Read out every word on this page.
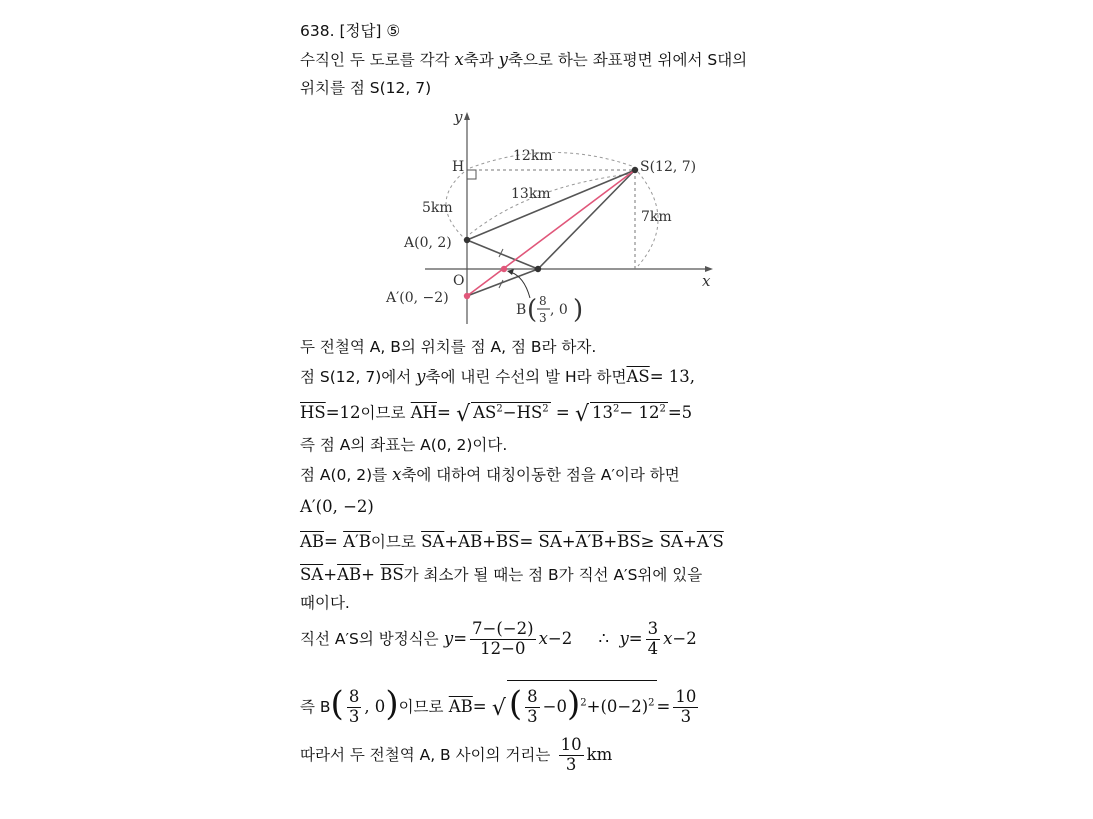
638. [정답] ⑤
수직인 두 도로를 각각 x축과 y축으로 하는 좌표평면 위에서 S대의
위치를 점 S(12, 7)
y
x
O
H	S(12, 7)
A(0, 2)
A′(0, −2)
12km
13km
5km
7km
B ( 8
3 , 0 )
두 전철역 A, B의 위치를 점 A, 점 B라 하자.
점 S(12, 7)에서 y축에 내린 수선의 발 H라 하면$\overline{AS}= 13$,
$\overline{HS}=12$이므로 $\overline{AH}=$ √ $AS^2-\overline{HS}^2$ = √ $13^2- 12^2 =5$
즉 점 A의 좌표는 A(0, 2)이다.
점 A(0, 2)를 x축에 대하여 대칭이동한 점을 A′이라 하면
A′(0, −2)
$\overline{AB}= A'B$이므로 $\overline{SA}+\overline{AB}+\overline{BS}= \overline{SA}+A'B+\overline{BS}\ge \overline{SA}+A'S$
$\overline{SA}+\overline{AB}+ \overline{BS}$가 최소가 될 때는 점 B가 직선 A′S위에 있을
때이다.
직선 A′S의 방정식은 $y= \frac{7-(-2)}{12-0} x-2$ ∴ $y= \frac{3}{4} x-2$
즉 $B( \frac{8}{3}$ , 0)이므로 $\overline{AB}=$ √( $\frac{8}{3} -0)^2+(0-2)^2 = \frac{10}{3}$
따라서 두 전철역 A, B 사이의 거리는 $\frac{10}{3}$ km
